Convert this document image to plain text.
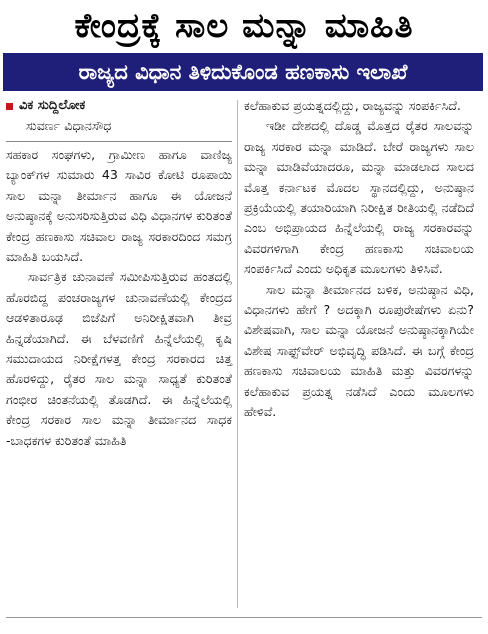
ಕೇಂದ್ರಕ್ಕೆ ಸಾಲ ಮನ್ನಾ ಮಾಹಿತಿ
ರಾಜ್ಯದ ವಿಧಾನ ತಿಳಿದುಕೊಂಡ ಹಣಕಾಸು ಇಲಾಖೆ
ವಿಕ ಸುದ್ದಿಲೋಕ
ಸುವರ್ಣ ವಿಧಾನಸೌಧ

ಸಹಕಾರ ಸಂಘಗಳು, ಗ್ರಾಮೀಣ ಹಾಗೂ ವಾಣಿಜ್ಯ ಬ್ಯಾಂಕ್‌ಗಳ ಸುಮಾರು 43 ಸಾವಿರ ಕೋಟಿ ರೂಪಾಯಿ ಸಾಲ ಮನ್ನಾ ತೀರ್ಮಾನ ಹಾಗೂ ಈ ಯೋಜನೆ ಅನುಷ್ಠಾನಕ್ಕೆ ಅನುಸರಿಸುತ್ತಿರುವ ವಿಧಿ ವಿಧಾನಗಳ ಕುರಿತಂತೆ ಕೇಂದ್ರ ಹಣಕಾಸು ಸಚಿವಾಲ ರಾಜ್ಯ ಸರಕಾರದಿಂದ ಸಮಗ್ರ ಮಾಹಿತಿ ಬಯಸಿದೆ.

ಸಾರ್ವತ್ರಿಕ ಚುನಾವಣೆ ಸಮೀಪಿಸುತ್ತಿರುವ ಹಂತದಲ್ಲಿ ಹೊರಬಿದ್ದ ಪಂಚರಾಜ್ಯಗಳ ಚುನಾವಣೆಯಲ್ಲಿ ಕೇಂದ್ರದ ಆಡಳಿತಾರೂಢ ಬಿಜೆಪಿಗೆ ಅನಿರೀಕ್ಷಿತವಾಗಿ ತೀವ್ರ ಹಿನ್ನಡೆಯಾಗಿದೆ. ಈ ಬೆಳವಣಿಗೆ ಹಿನ್ನೆಲೆಯಲ್ಲಿ ಕೃಷಿ ಸಮುದಾಯದ ನಿರೀಕ್ಷೆಗಳತ್ತ ಕೇಂದ್ರ ಸರಕಾರದ ಚಿತ್ತ ಹೊರಳಿದ್ದು, ರೈತರ ಸಾಲ ಮನ್ನಾ ಸಾಧ್ಯತೆ ಕುರಿತಂತೆ ಗಂಭೀರ ಚಿಂತನೆಯಲ್ಲಿ ತೊಡಗಿದೆ. ಈ ಹಿನ್ನೆಲೆಯಲ್ಲಿ ಕೇಂದ್ರ ಸರಕಾರ ಸಾಲ ಮನ್ನಾ ತೀರ್ಮಾನದ ಸಾಧಕ -ಬಾಧಕಗಳ ಕುರಿತಂತೆ ಮಾಹಿತಿ

ಕಲೆಹಾಕುವ ಪ್ರಯತ್ನದಲ್ಲಿದ್ದು, ರಾಜ್ಯವನ್ನು ಸಂಪರ್ಕಿಸಿದೆ.

ಇಡೀ ದೇಶದಲ್ಲಿ ದೊಡ್ಡ ಮೊತ್ತದ ರೈತರ ಸಾಲವನ್ನು ರಾಜ್ಯ ಸರಕಾರ ಮನ್ನಾ ಮಾಡಿದೆ. ಬೇರೆ ರಾಜ್ಯಗಳು ಸಾಲ ಮನ್ನಾ ಮಾಡಿವೆಯಾದರೂ, ಮನ್ನಾ ಮಾಡಲಾದ ಸಾಲದ ಮೊತ್ತ ಕರ್ನಾಟಕ ಮೊದಲ ಸ್ಥಾನದಲ್ಲಿದ್ದು, ಅನುಷ್ಠಾನ ಪ್ರಕ್ರಿಯೆಯಲ್ಲಿ ತಯಾರಿಯಾಗಿ ನಿರೀಕ್ಷಿತ ರೀತಿಯಲ್ಲಿ ನಡೆದಿದೆ ಎಂಬ ಅಭಿಪ್ರಾಯದ ಹಿನ್ನೆಲೆಯಲ್ಲಿ ರಾಜ್ಯ ಸರಕಾರವನ್ನು ವಿವರಗಳಿಗಾಗಿ ಕೇಂದ್ರ ಹಣಕಾಸು ಸಚಿವಾಲಯ ಸಂಪರ್ಕಿಸಿದೆ ಎಂದು ಅಧಿಕೃತ ಮೂಲಗಳು ತಿಳಿಸಿವೆ.

ಸಾಲ ಮನ್ನಾ ತೀರ್ಮಾನದ ಬಳಿಕ, ಅನುಷ್ಠಾನ ವಿಧಿ, ವಿಧಾನಗಳು ಹೇಗೆ ? ಅದಕ್ಕಾಗಿ ರೂಪುರೇಷೆಗಳು ಏನು? ವಿಶೇಷವಾಗಿ, ಸಾಲ ಮನ್ನಾ ಯೋಜನೆ ಅನುಷ್ಠಾನಕ್ಕಾಗಿಯೇ ವಿಶೇಷ ಸಾಫ್ಟ್‌ವೇರ್ ಅಭಿವೃದ್ಧಿ ಪಡಿಸಿದೆ. ಈ ಬಗ್ಗೆ ಕೇಂದ್ರ ಹಣಕಾಸು ಸಚಿವಾಲಯ ಮಾಹಿತಿ ಮತ್ತು ವಿವರಗಳನ್ನು ಕಲೆಹಾಕುವ ಪ್ರಯತ್ನ ನಡೆಸಿದೆ ಎಂದು ಮೂಲಗಳು ಹೇಳಿವೆ.
